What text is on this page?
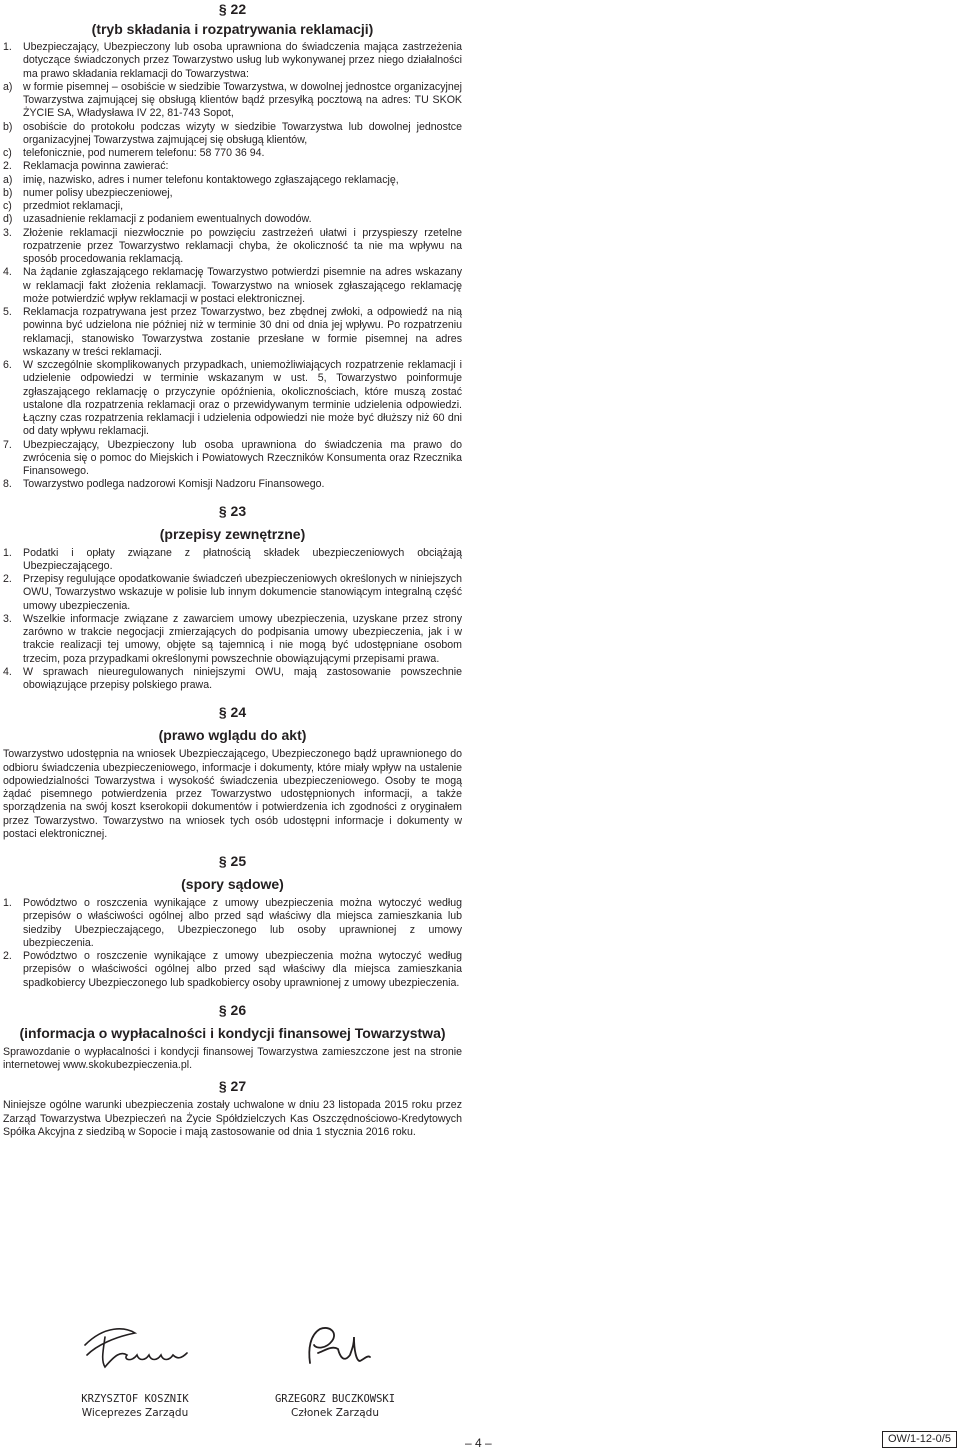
§ 22
(tryb składania i rozpatrywania reklamacji)
1. Ubezpieczający, Ubezpieczony lub osoba uprawniona do świadczenia mająca zastrzeżenia dotyczące świadczonych przez Towarzystwo usług lub wykonywanej przez niego działalności ma prawo składania reklamacji do Towarzystwa:
a) w formie pisemnej – osobiście w siedzibie Towarzystwa, w dowolnej jednostce organizacyjnej Towarzystwa zajmującej się obsługą klientów bądź przesyłką pocztową na adres: TU SKOK ŻYCIE SA, Władysława IV 22, 81-743 Sopot,
b) osobiście do protokołu podczas wizyty w siedzibie Towarzystwa lub dowolnej jednostce organizacyjnej Towarzystwa zajmującej się obsługą klientów,
c) telefonicznie, pod numerem telefonu: 58 770 36 94.
2. Reklamacja powinna zawierać:
a) imię, nazwisko, adres i numer telefonu kontaktowego zgłaszającego reklamację,
b) numer polisy ubezpieczeniowej,
c) przedmiot reklamacji,
d) uzasadnienie reklamacji z podaniem ewentualnych dowodów.
3. Złożenie reklamacji niezwłocznie po powzięciu zastrzeżeń ułatwi i przyspieszy rzetelne rozpatrzenie przez Towarzystwo reklamacji chyba, że okoliczność ta nie ma wpływu na sposób procedowania reklamacją.
4. Na żądanie zgłaszającego reklamację Towarzystwo potwierdzi pisemnie na adres wskazany w reklamacji fakt złożenia reklamacji. Towarzystwo na wniosek zgłaszającego reklamację może potwierdzić wpływ reklamacji w postaci elektronicznej.
5. Reklamacja rozpatrywana jest przez Towarzystwo, bez zbędnej zwłoki, a odpowiedź na nią powinna być udzielona nie później niż w terminie 30 dni od dnia jej wpływu. Po rozpatrzeniu reklamacji, stanowisko Towarzystwa zostanie przesłane w formie pisemnej na adres wskazany w treści reklamacji.
6. W szczególnie skomplikowanych przypadkach, uniemożliwiających rozpatrzenie reklamacji i udzielenie odpowiedzi w terminie wskazanym w ust. 5, Towarzystwo poinformuje zgłaszającego reklamację o przyczynie opóźnienia, okolicznościach, które muszą zostać ustalone dla rozpatrzenia reklamacji oraz o przewidywanym terminie udzielenia odpowiedzi. Łączny czas rozpatrzenia reklamacji i udzielenia odpowiedzi nie może być dłuższy niż 60 dni od daty wpływu reklamacji.
7. Ubezpieczający, Ubezpieczony lub osoba uprawniona do świadczenia ma prawo do zwrócenia się o pomoc do Miejskich i Powiatowych Rzeczników Konsumenta oraz Rzecznika Finansowego.
8. Towarzystwo podlega nadzorowi Komisji Nadzoru Finansowego.
§ 23
(przepisy zewnętrzne)
1. Podatki i opłaty związane z płatnością składek ubezpieczeniowych obciążają Ubezpieczającego.
2. Przepisy regulujące opodatkowanie świadczeń ubezpieczeniowych określonych w niniejszych OWU, Towarzystwo wskazuje w polisie lub innym dokumencie stanowiącym integralną część umowy ubezpieczenia.
3. Wszelkie informacje związane z zawarciem umowy ubezpieczenia, uzyskane przez strony zarówno w trakcie negocjacji zmierzających do podpisania umowy ubezpieczenia, jak i w trakcie realizacji tej umowy, objęte są tajemnicą i nie mogą być udostępniane osobom trzecim, poza przypadkami określonymi powszechnie obowiązującymi przepisami prawa.
4. W sprawach nieuregulowanych niniejszymi OWU, mają zastosowanie powszechnie obowiązujące przepisy polskiego prawa.
§ 24
(prawo wglądu do akt)
Towarzystwo udostępnia na wniosek Ubezpieczającego, Ubezpieczonego bądź uprawnionego do odbioru świadczenia ubezpieczeniowego, informacje i dokumenty, które miały wpływ na ustalenie odpowiedzialności Towarzystwa i wysokość świadczenia ubezpieczeniowego. Osoby te mogą żądać pisemnego potwierdzenia przez Towarzystwo udostępnionych informacji, a także sporządzenia na swój koszt kserokopii dokumentów i potwierdzenia ich zgodności z oryginałem przez Towarzystwo. Towarzystwo na wniosek tych osób udostępni informacje i dokumenty w postaci elektronicznej.
§ 25
(spory sądowe)
1. Powództwo o roszczenia wynikające z umowy ubezpieczenia można wytoczyć według przepisów o właściwości ogólnej albo przed sąd właściwy dla miejsca zamieszkania lub siedziby Ubezpieczającego, Ubezpieczonego lub osoby uprawnionej z umowy ubezpieczenia.
2. Powództwo o roszczenie wynikające z umowy ubezpieczenia można wytoczyć według przepisów o właściwości ogólnej albo przed sąd właściwy dla miejsca zamieszkania spadkobiercy Ubezpieczonego lub spadkobiercy osoby uprawnionej z umowy ubezpieczenia.
§ 26
(informacja o wypłacalności i kondycji finansowej Towarzystwa)
Sprawozdanie o wypłacalności i kondycji finansowej Towarzystwa zamieszczone jest na stronie internetowej www.skokubezpieczenia.pl.
§ 27
Niniejsze ogólne warunki ubezpieczenia zostały uchwalone w dniu 23 listopada 2015 roku przez Zarząd Towarzystwa Ubezpieczeń na Życie Spółdzielczych Kas Oszczędnościowo-Kredytowych Spółka Akcyjna z siedzibą w Sopocie i mają zastosowanie od dnia 1 stycznia 2016 roku.
KRZYSZTOF KOSZNIK
Wiceprezes Zarządu
GRZEGORZ BUCZKOWSKI
Członek Zarządu
– 4 –	OW/1-12-0/5
